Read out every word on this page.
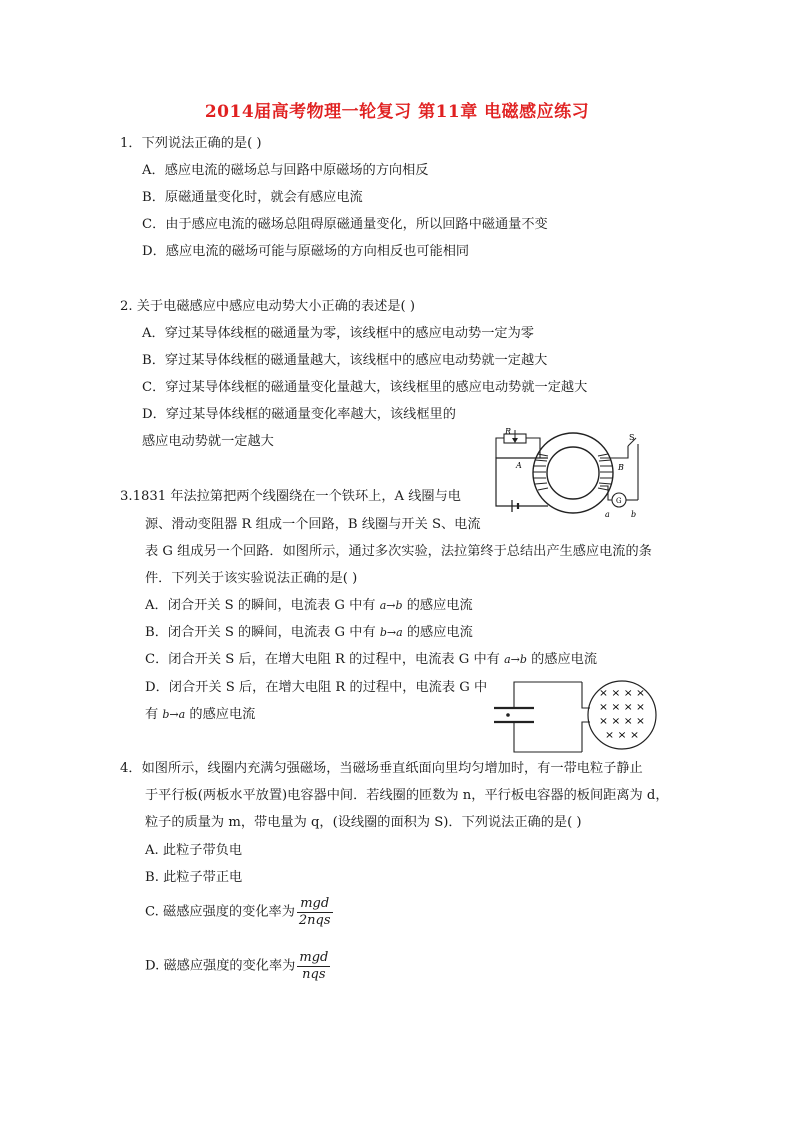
2014届高考物理一轮复习 第11章 电磁感应练习
1．下列说法正确的是( )
A．感应电流的磁场总与回路中原磁场的方向相反
B．原磁通量变化时，就会有感应电流
C．由于感应电流的磁场总阻碍原磁通量变化，所以回路中磁通量不变
D．感应电流的磁场可能与原磁场的方向相反也可能相同
2. 关于电磁感应中感应电动势大小正确的表述是( )
A．穿过某导体线框的磁通量为零，该线框中的感应电动势一定为零
B．穿过某导体线框的磁通量越大，该线框中的感应电动势就一定越大
C．穿过某导体线框的磁通量变化量越大，该线框里的感应电动势就一定越大
D．穿过某导体线框的磁通量变化率越大，该线框里的
感应电动势就一定越大
R
A	B
S
G
a	b
3.1831 年法拉第把两个线圈绕在一个铁环上，A 线圈与电
源、滑动变阻器 R 组成一个回路，B 线圈与开关 S、电流
表 G 组成另一个回路．如图所示，通过多次实验，法拉第终于总结出产生感应电流的条
件．下列关于该实验说法正确的是( )
A．闭合开关 S 的瞬间，电流表 G 中有 a→b 的感应电流
B．闭合开关 S 的瞬间，电流表 G 中有 b→a 的感应电流
C．闭合开关 S 后，在增大电阻 R 的过程中，电流表 G 中有 a→b 的感应电流
D．闭合开关 S 后，在增大电阻 R 的过程中，电流表 G 中
有 b→a 的感应电流
× × × ×
× × × ×
× × × ×
× × ×
4．如图所示，线圈内充满匀强磁场，当磁场垂直纸面向里均匀增加时，有一带电粒子静止
于平行板(两板水平放置)电容器中间．若线圈的匝数为 n，平行板电容器的板间距离为 d，
粒子的质量为 m，带电量为 q，(设线圈的面积为 S)．下列说法正确的是( )
A. 此粒子带负电
B. 此粒子带正电
C. 磁感应强度的变化率为 $\frac{\text{mgd}}{\text{2nqs}}$
D. 磁感应强度的变化率为 $\frac{\text{mgd}}{\text{nqs}}$
